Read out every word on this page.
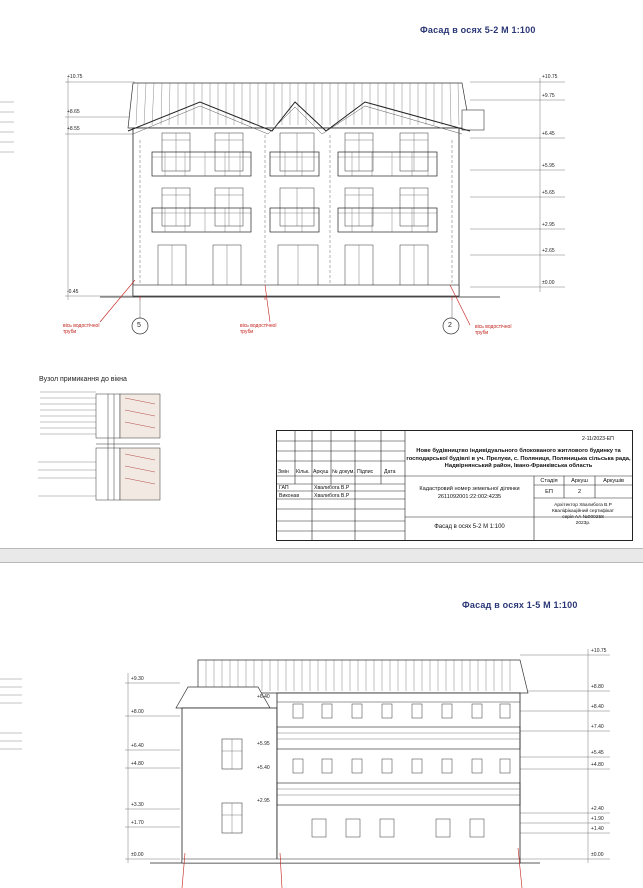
Фасад в осях 5-2 М 1:100
+10.75
+8.65
+8.55
-0.45
+10.75
+9.75
+6.45
+5.95
+5.65
+2.95
+2.65
±0.00
5	2
вісь водостічної труби
вісь водостічної труби
вісь водостічної труби
Вузол примикання до вікна
2-11/2023-ЕП
Нове будівництво індивідуального блокованого житлового будинку та господарської будівлі в уч. Прелуки, с. Поляниця, Поляницька сільська рада, Надвірнянський район, Івано-Франківська область
Змін Кільк. Аркуш № докум. Підпис Дата
ГАП	Хвалибога В.Р
Виконав	Хвалибога В.Р
Кадастровий номер земельної ділянки
2611092001:22:002:4235
Стадія	Аркуш	Аркушів
ЕП	2
Фасад в осях 5-2 М 1:100
Архітектор Хвалибога В.Р
Кваліфікаційний сертифікат
серія АА №000258
2023р.
Фасад в осях 1-5 М 1:100
+9.30
+8.00
+6.40
+4.80
+3.30
+1.70
±0.00
+6.40
+5.95
+5.40
+2.95
+10.75
+8.80
+8.40
+7.40
+5.45
+4.80
+2.40
+1.90
+1.40
±0.00
